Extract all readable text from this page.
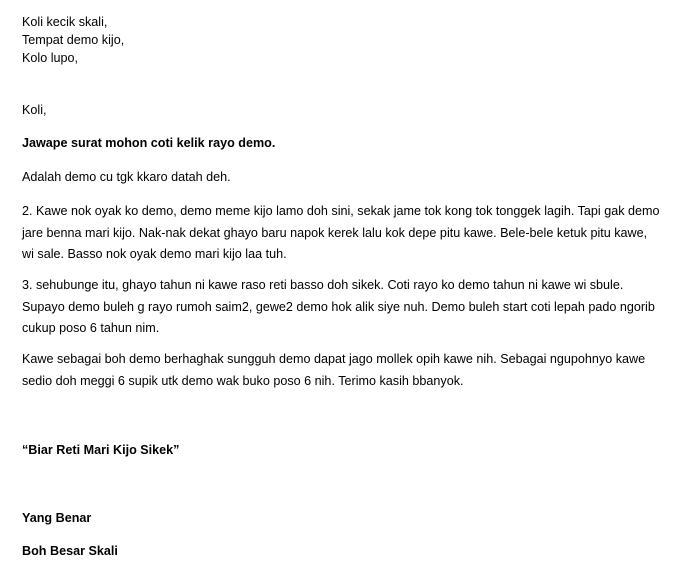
Koli kecik skali,
Tempat demo kijo,
Kolo lupo,
Koli,
Jawape surat mohon coti kelik rayo demo.
Adalah demo cu tgk kkaro datah deh.
2. Kawe nok oyak ko demo, demo meme kijo lamo doh sini, sekak jame tok kong tok tonggek lagih. Tapi gak demo jare benna mari kijo. Nak-nak dekat ghayo baru napok kerek lalu kok depe pitu kawe. Bele-bele ketuk pitu kawe, wi sale. Basso nok oyak demo mari kijo laa tuh.
3. sehubunge itu, ghayo tahun ni kawe raso reti basso doh sikek. Coti rayo ko demo tahun ni kawe wi sbule. Supayo demo buleh g rayo rumoh saim2, gewe2 demo hok alik siye nuh. Demo buleh start coti lepah pado ngorib cukup poso 6 tahun nim.
Kawe sebagai boh demo berhaghak sungguh demo dapat jago mollek opih kawe nih. Sebagai ngupohnyo kawe sedio doh meggi 6 supik utk demo wak buko poso 6 nih. Terimo kasih bbanyok.
“Biar Reti Mari Kijo Sikek”
Yang Benar
Boh Besar Skali
